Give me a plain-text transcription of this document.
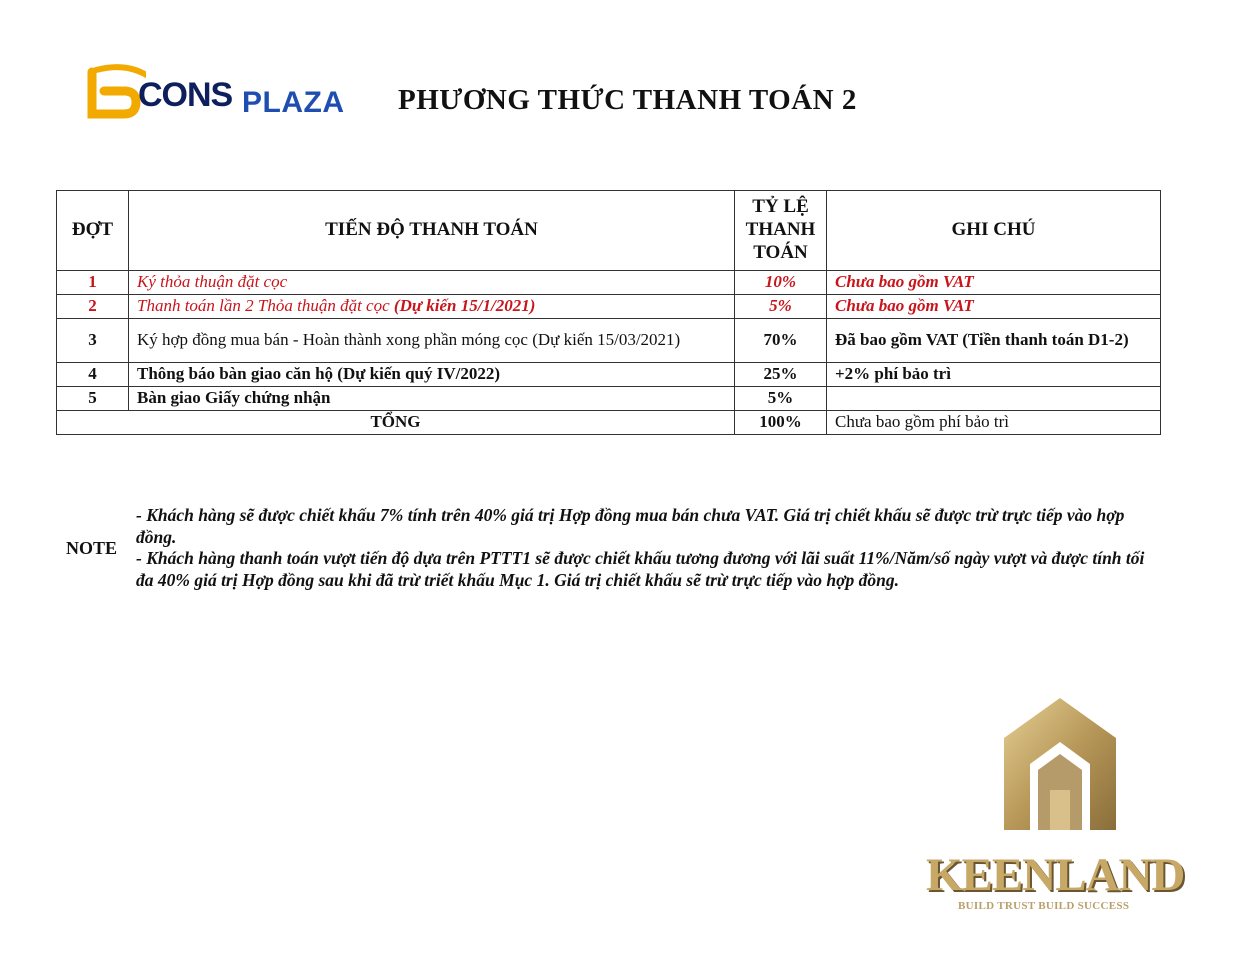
CONS PLAZA PHƯƠNG THỨC THANH TOÁN 2
ĐỢT	TIẾN ĐỘ THANH TOÁN	TỶ LỆ THANH TOÁN	GHI CHÚ
1	Ký thỏa thuận đặt cọc	10%	Chưa bao gồm VAT
2	Thanh toán lần 2 Thỏa thuận đặt cọc (Dự kiến 15/1/2021)	5%	Chưa bao gồm VAT
3	Ký hợp đồng mua bán - Hoàn thành xong phần móng cọc (Dự kiến 15/03/2021)	70%	Đã bao gồm VAT (Tiền thanh toán D1-2)
4	Thông báo bàn giao căn hộ (Dự kiến quý IV/2022)	25%	+2% phí bảo trì
5	Bàn giao Giấy chứng nhận	5%	
TỔNG		100%	Chưa bao gồm phí bảo trì
NOTE

- Khách hàng sẽ được chiết khấu 7% tính trên 40% giá trị Hợp đồng mua bán chưa VAT. Giá trị chiết khấu sẽ được trừ trực tiếp vào hợp đồng.

- Khách hàng thanh toán vượt tiến độ dựa trên PTTT1 sẽ được chiết khấu tương đương với lãi suất 11%/Năm/số ngày vượt và được tính tối đa 40% giá trị Hợp đồng sau khi đã trừ triết khấu Mục 1. Giá trị chiết khấu sẽ trừ trực tiếp vào hợp đồng.

KEENLAND
BUILD TRUST BUILD SUCCESS
